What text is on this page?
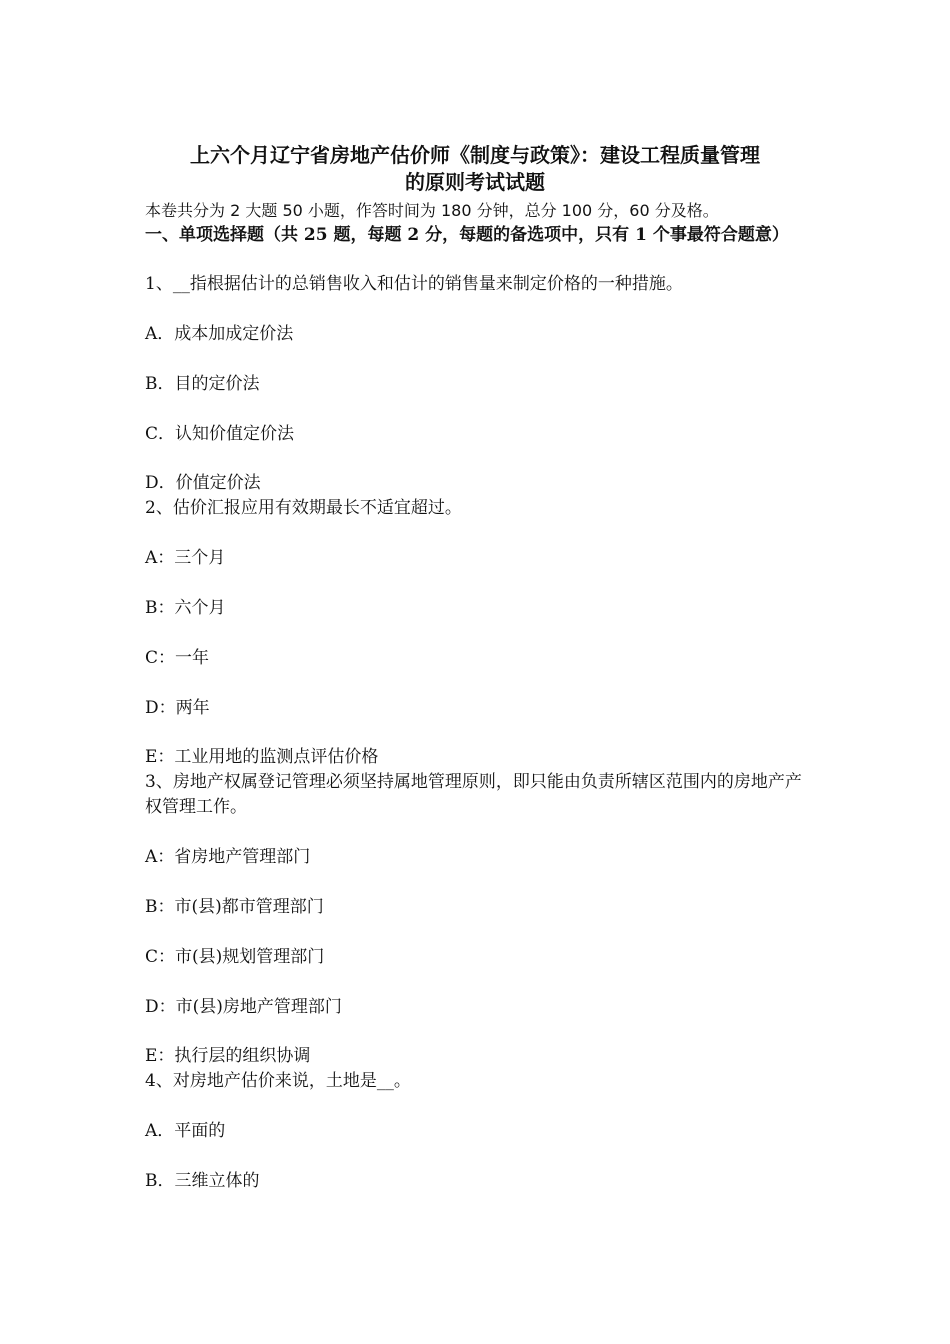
上六个月辽宁省房地产估价师《制度与政策》：建设工程质量管理
的原则考试试题
本卷共分为 2 大题 50 小题，作答时间为 180 分钟，总分 100 分，60 分及格。
一、单项选择题（共 25 题，每题 2 分，每题的备选项中，只有 1 个事最符合题意）
1、__指根据估计的总销售收入和估计的销售量来制定价格的一种措施。
A．成本加成定价法
B．目的定价法
C．认知价值定价法
D．价值定价法
2、估价汇报应用有效期最长不适宜超过。
A：三个月
B：六个月
C：一年
D：两年
E：工业用地的监测点评估价格
3、房地产权属登记管理必须坚持属地管理原则，即只能由负责所辖区范围内的房地产产权管理工作。
A：省房地产管理部门
B：市(县)都市管理部门
C：市(县)规划管理部门
D：市(县)房地产管理部门
E：执行层的组织协调
4、对房地产估价来说，土地是__。
A．平面的
B．三维立体的
